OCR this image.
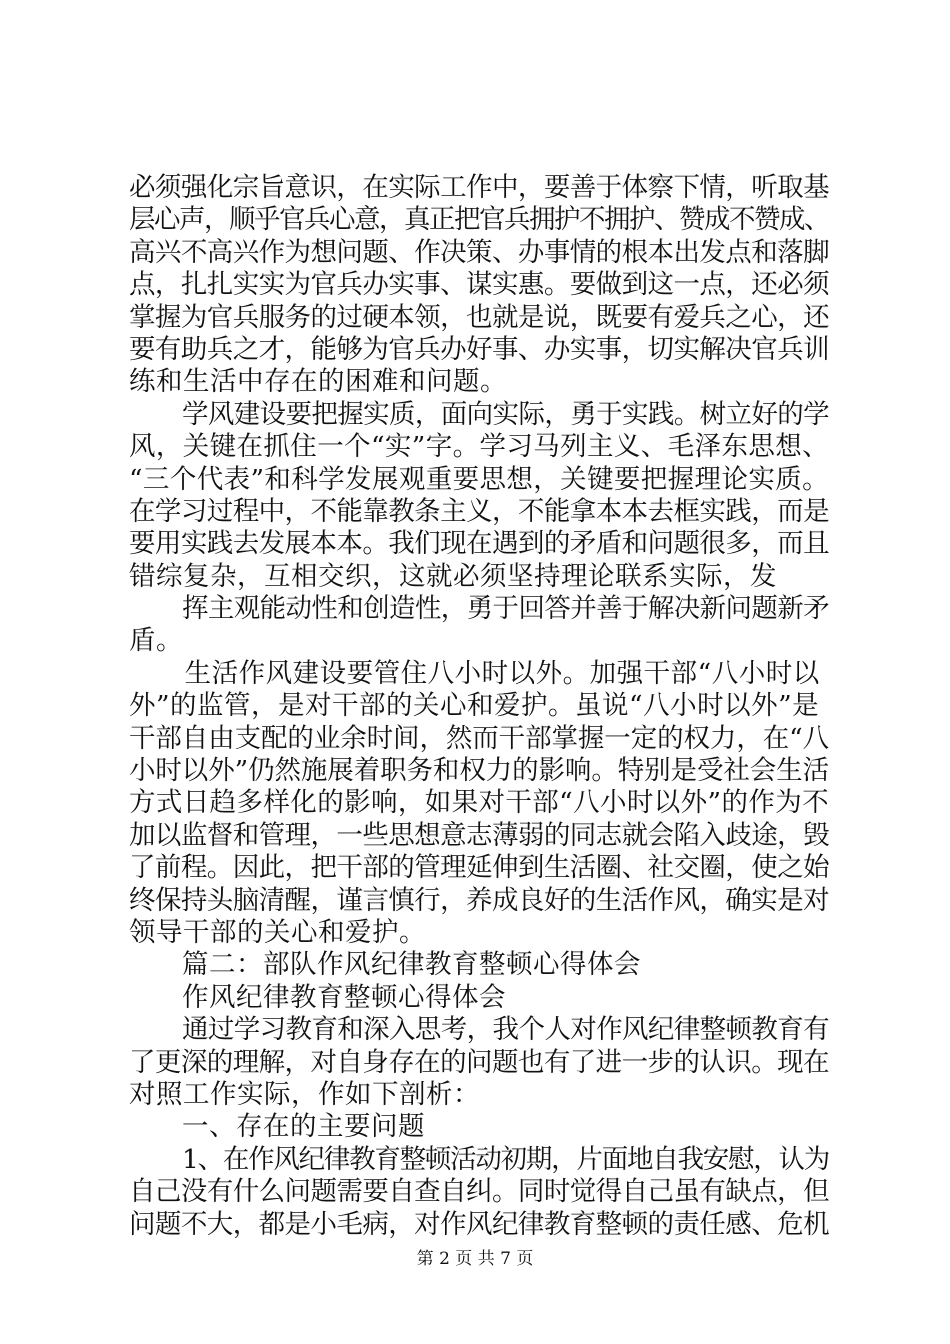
必须强化宗旨意识，在实际工作中，要善于体察下情，听取基
层心声，顺乎官兵心意，真正把官兵拥护不拥护、赞成不赞成、
高兴不高兴作为想问题、作决策、办事情的根本出发点和落脚
点，扎扎实实为官兵办实事、谋实惠。要做到这一点，还必须
掌握为官兵服务的过硬本领，也就是说，既要有爱兵之心，还
要有助兵之才，能够为官兵办好事、办实事，切实解决官兵训
练和生活中存在的困难和问题。
学风建设要把握实质，面向实际，勇于实践。树立好的学
风，关键在抓住一个“实”字。学习马列主义、毛泽东思想、
“三个代表”和科学发展观重要思想，关键要把握理论实质。
在学习过程中，不能靠教条主义，不能拿本本去框实践，而是
要用实践去发展本本。我们现在遇到的矛盾和问题很多，而且
错综复杂，互相交织，这就必须坚持理论联系实际，发
挥主观能动性和创造性，勇于回答并善于解决新问题新矛
盾。
生活作风建设要管住八小时以外。加强干部“八小时以
外”的监管，是对干部的关心和爱护。虽说“八小时以外”是
干部自由支配的业余时间，然而干部掌握一定的权力，在“八
小时以外”仍然施展着职务和权力的影响。特别是受社会生活
方式日趋多样化的影响，如果对干部“八小时以外”的作为不
加以监督和管理，一些思想意志薄弱的同志就会陷入歧途，毁
了前程。因此，把干部的管理延伸到生活圈、社交圈，使之始
终保持头脑清醒，谨言慎行，养成良好的生活作风，确实是对
领导干部的关心和爱护。
篇二：部队作风纪律教育整顿心得体会
作风纪律教育整顿心得体会
通过学习教育和深入思考，我个人对作风纪律整顿教育有
了更深的理解，对自身存在的问题也有了进一步的认识。现在
对照工作实际，作如下剖析：
一、存在的主要问题
1、在作风纪律教育整顿活动初期，片面地自我安慰，认为
自己没有什么问题需要自查自纠。同时觉得自己虽有缺点，但
问题不大，都是小毛病，对作风纪律教育整顿的责任感、危机
第 2 页 共 7 页
